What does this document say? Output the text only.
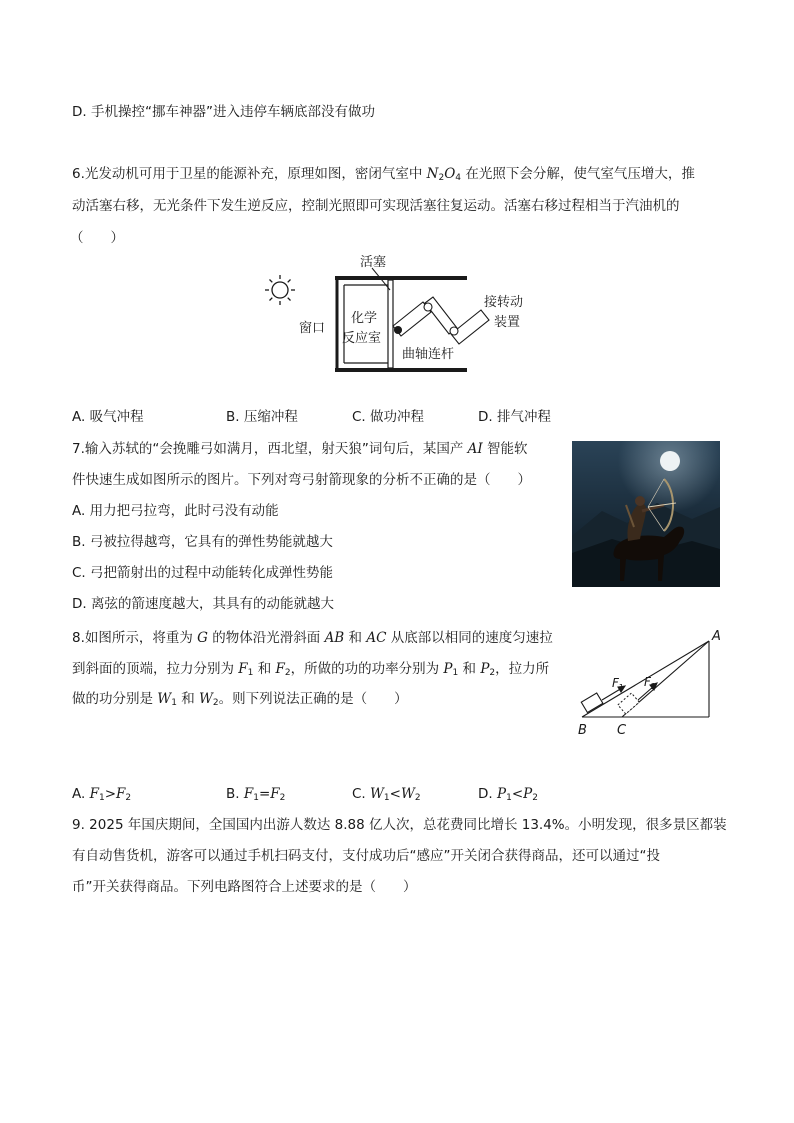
D. 手机操控“挪车神器”进入违停车辆底部没有做功
6.光发动机可用于卫星的能源补充，原理如图，密闭气室中 $N_2O_4$ 在光照下会分解，使气室气压增大，推
动活塞右移，无光条件下发生逆反应，控制光照即可实现活塞往复运动。活塞右移过程相当于汽油机的
（　　）
活塞
窗口
化学
反应室
曲轴连杆
接转动
装置
A. 吸气冲程	B. 压缩冲程	C. 做功冲程	D. 排气冲程
7.输入苏轼的“会挽雕弓如满月，西北望，射天狼”词句后，某国产 AI 智能软
件快速生成如图所示的图片。下列对弯弓射箭现象的分析不正确的是（　　）
A. 用力把弓拉弯，此时弓没有动能
B. 弓被拉得越弯，它具有的弹性势能就越大
C. 弓把箭射出的过程中动能转化成弹性势能
D. 离弦的箭速度越大，其具有的动能就越大
8.如图所示，将重为 G 的物体沿光滑斜面 AB 和 AC 从底部以相同的速度匀速拉
到斜面的顶端，拉力分别为 $F_1$ 和 $F_2$，所做的功的功率分别为 $P_1$ 和 $P_2$，拉力所
做的功分别是 $W_1$ 和 $W_2$。则下列说法正确的是（　　）
A
B C
$F_1$ $F_2$
A. $F_1>F_2$	B. $F_1=F_2$	C. $W_1<W_2$	D. $P_1<P_2$
9. 2025 年国庆期间，全国国内出游人数达 8.88 亿人次，总花费同比增长 13.4%。小明发现，很多景区都装
有自动售货机，游客可以通过手机扫码支付，支付成功后“感应”开关闭合获得商品，还可以通过“投
币”开关获得商品。下列电路图符合上述要求的是（　　）
